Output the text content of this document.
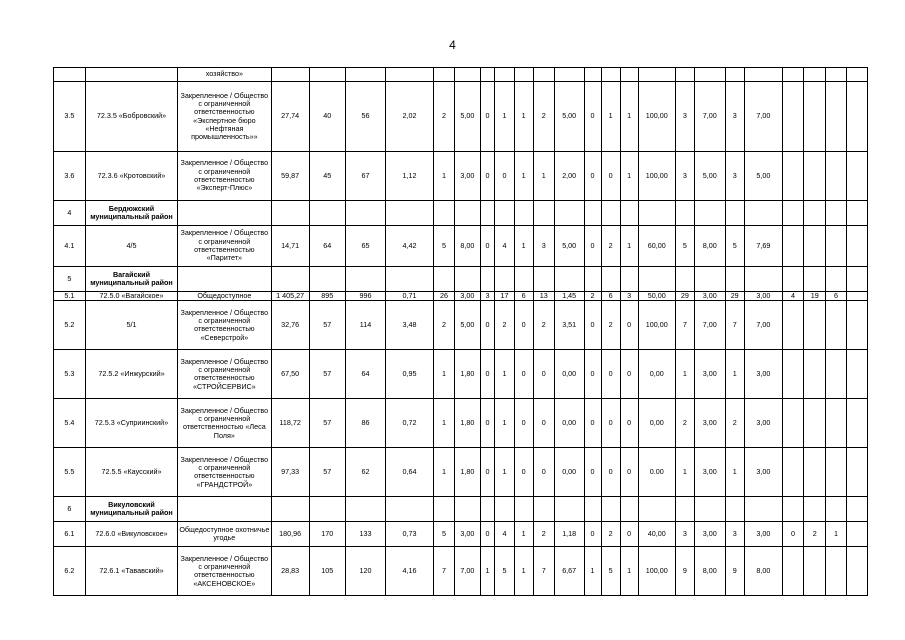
4
		хозяйство»																							
3.5	72.3.5 «Бобровский»	Закрепленное / Общество с ограниченной ответственностью «Экспертное бюро «Нефтяная промышленность»»	27,74	40	56	2,02	2	5,00	0	1	1	2	5,00	0	1	1	100,00	3	7,00	3	7,00				
3.6	72.3.6 «Кротовский»	Закрепленное / Общество с ограниченной ответственностью «Эксперт-Плюс»	59,87	45	67	1,12	1	3,00	0	0	1	1	2,00	0	0	1	100,00	3	5,00	3	5,00				
4	Бердюжский муниципальный район																								
4.1	4/5	Закрепленное / Общество с ограниченной ответственностью «Паритет»	14,71	64	65	4,42	5	8,00	0	4	1	3	5,00	0	2	1	60,00	5	8,00	5	7,69				
5	Вагайский муниципальный район																								
5.1	72.5.0 «Вагайское»	Общедоступное	1 405,27	895	996	0,71	26	3,00	3	17	6	13	1,45	2	6	3	50,00	29	3,00	29	3,00	4	19	6	
5.2	5/1	Закрепленное / Общество с ограниченной ответственностью «Северстрой»	32,76	57	114	3,48	2	5,00	0	2	0	2	3,51	0	2	0	100,00	7	7,00	7	7,00				
5.3	72.5.2 «Инжурский»	Закрепленное / Общество с ограниченной ответственностью «СТРОЙСЕРВИС»	67,50	57	64	0,95	1	1,80	0	1	0	0	0,00	0	0	0	0,00	1	3,00	1	3,00				
5.4	72.5.3 «Суприинский»	Закрепленное / Общество с ограниченной ответственностью «Леса Поля»	118,72	57	86	0,72	1	1,80	0	1	0	0	0,00	0	0	0	0,00	2	3,00	2	3,00				
5.5	72.5.5 «Каусский»	Закрепленное / Общество с ограниченной ответственностью «ГРАНДСТРОЙ»	97,33	57	62	0,64	1	1,80	0	1	0	0	0,00	0	0	0	0.00	1	3,00	1	3,00				
6	Викуловский муниципальный район																								
6.1	72.6.0 «Викуловское»	Общедоступное охотничье угодье	180,96	170	133	0,73	5	3,00	0	4	1	2	1,18	0	2	0	40,00	3	3,00	3	3,00	0	2	1	
6.2	72.6.1 «Тававский»	Закрепленное / Общество с ограниченной ответственностью «АКСЕНОВСКОЕ»	28,83	105	120	4,16	7	7,00	1	5	1	7	6,67	1	5	1	100,00	9	8,00	9	8,00				
